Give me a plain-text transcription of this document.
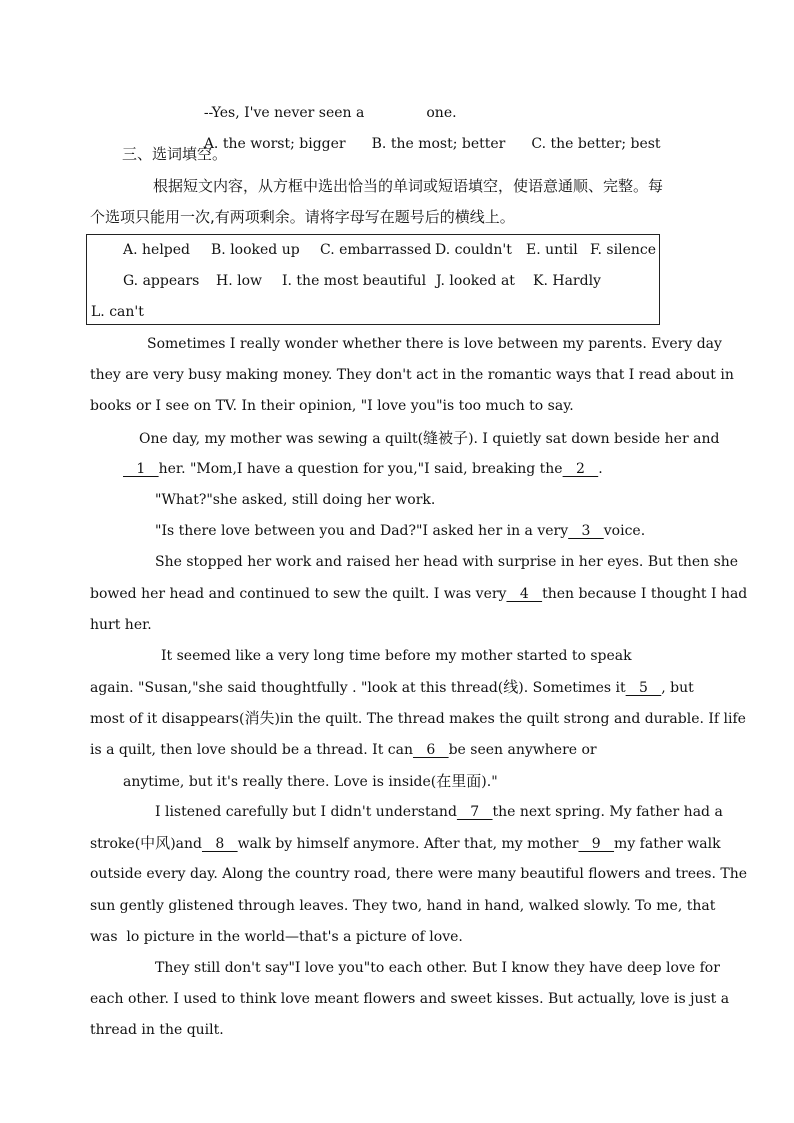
--Yes, I've never seen a	one.

A. the worst; bigger B. the most; better C. the better; best

三、选词填空。
根据短文内容，从方框中选出恰当的单词或短语填空，使语意通顺、完整。每
个选项只能用一次,有两项剩余。请将字母写在题号后的横线上。
A. helped B. looked up C. embarrassed D. couldn't E. until F. silence
G. appears H. low I. the most beautiful J. looked at K. Hardly
L. can't
Sometimes I really wonder whether there is love between my parents. Every day
they are very busy making money. They don't act in the romantic ways that I read about in
books or I see on TV. In their opinion, "I love you"is too much to say.
One day, my mother was sewing a quilt(缝被子). I quietly sat down beside her and
1   her. "Mom,I have a question for you,"I said, breaking the   2   .
"What?"she asked, still doing her work.
"Is there love between you and Dad?"I asked her in a very   3   voice.
She stopped her work and raised her head with surprise in her eyes. But then she
bowed her head and continued to sew the quilt. I was very   4   then because I thought I had
hurt her.
It seemed like a very long time before my mother started to speak
again. "Susan,"she said thoughtfully . "look at this thread(线). Sometimes it   5   , but
most of it disappears(消失)in the quilt. The thread makes the quilt strong and durable. If life
is a quilt, then love should be a thread. It can   6   be seen anywhere or
anytime, but it's really there. Love is inside(在里面)."
I listened carefully but I didn't understand   7   the next spring. My father had a
stroke(中风)and   8   walk by himself anymore. After that, my mother   9   my father walk
outside every day. Along the country road, there were many beautiful flowers and trees. The
sun gently glistened through leaves. They two, hand in hand, walked slowly. To me, that
was  lo picture in the world—that's a picture of love.
They still don't say"I love you"to each other. But I know they have deep love for
each other. I used to think love meant flowers and sweet kisses. But actually, love is just a
thread in the quilt.
